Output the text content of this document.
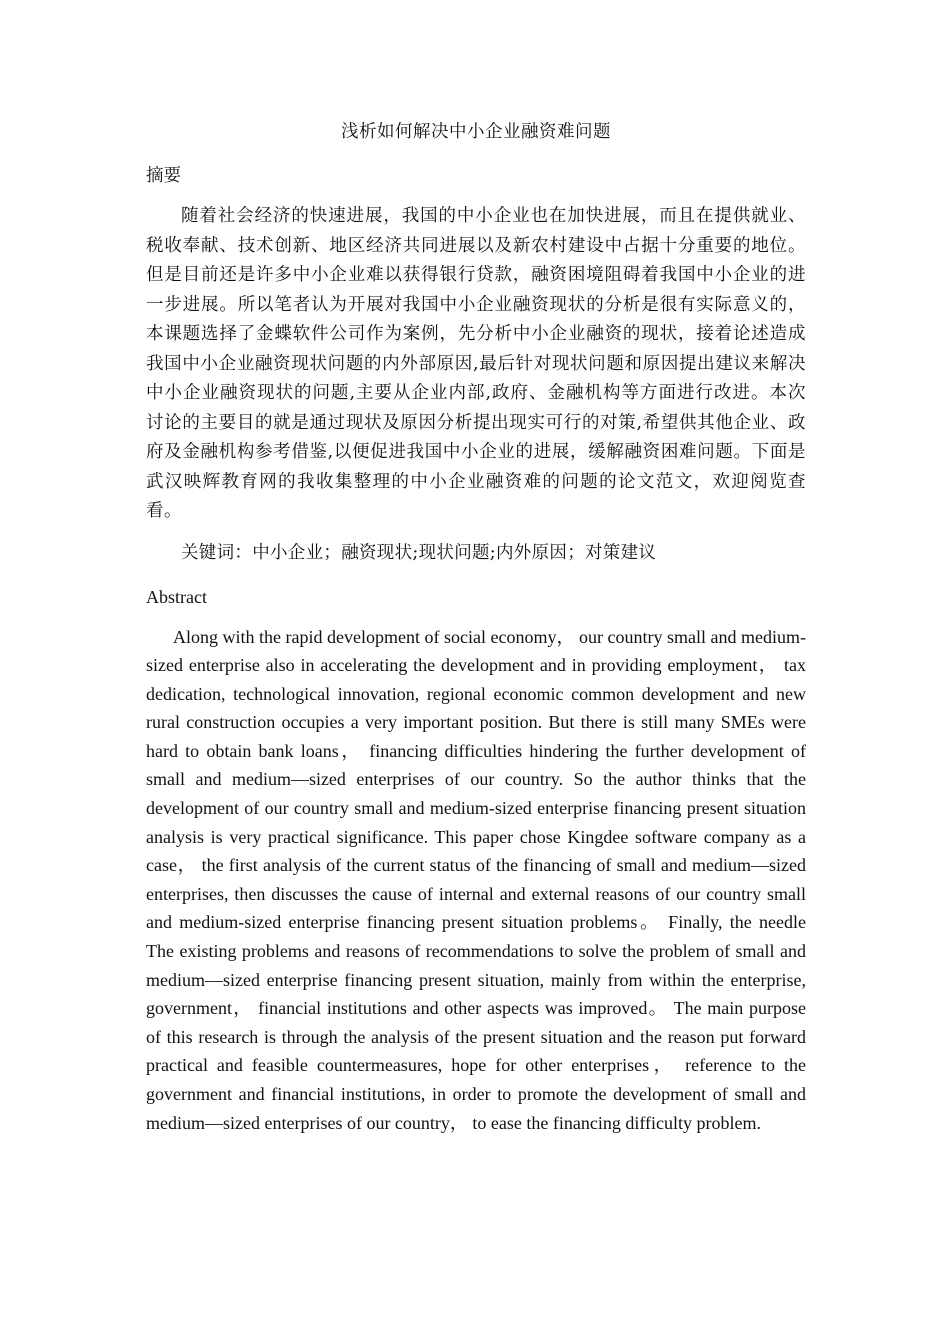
浅析如何解决中小企业融资难问题
摘要

随着社会经济的快速进展，我国的中小企业也在加快进展，而且在提供就业、税收奉献、技术创新、地区经济共同进展以及新农村建设中占据十分重要的地位。但是目前还是许多中小企业难以获得银行贷款，融资困境阻碍着我国中小企业的进一步进展。所以笔者认为开展对我国中小企业融资现状的分析是很有实际意义的，本课题选择了金蝶软件公司作为案例，先分析中小企业融资的现状，接着论述造成我国中小企业融资现状问题的内外部原因,最后针对现状问题和原因提出建议来解决中小企业融资现状的问题,主要从企业内部,政府、金融机构等方面进行改进。本次讨论的主要目的就是通过现状及原因分析提出现实可行的对策,希望供其他企业、政府及金融机构参考借鉴,以便促进我国中小企业的进展，缓解融资困难问题。下面是武汉映辉教育网的我收集整理的中小企业融资难的问题的论文范文，欢迎阅览查看。

关键词：中小企业；融资现状;现状问题;内外原因；对策建议

Abstract

Along with the rapid development of social economy， our country small and medium-sized enterprise also in accelerating the development and in providing employment， tax dedication, technological innovation, regional economic common development and new rural construction occupies a very important position. But there is still many SMEs were hard to obtain bank loans， financing difficulties hindering the further development of small and medium—sized enterprises of our country. So the author thinks that the development of our country small and medium-sized enterprise financing present situation analysis is very practical significance. This paper chose Kingdee software company as a case， the first analysis of the current status of the financing of small and medium—sized enterprises, then discusses the cause of internal and external reasons of our country small and medium-sized enterprise financing present situation problems。 Finally, the needle The existing problems and reasons of recommendations to solve the problem of small and medium—sized enterprise financing present situation, mainly from within the enterprise, government， financial institutions and other aspects was improved。 The main purpose of this research is through the analysis of the present situation and the reason put forward practical and feasible countermeasures, hope for other enterprises， reference to the government and financial institutions, in order to promote the development of small and medium—sized enterprises of our country， to ease the financing difficulty problem.
